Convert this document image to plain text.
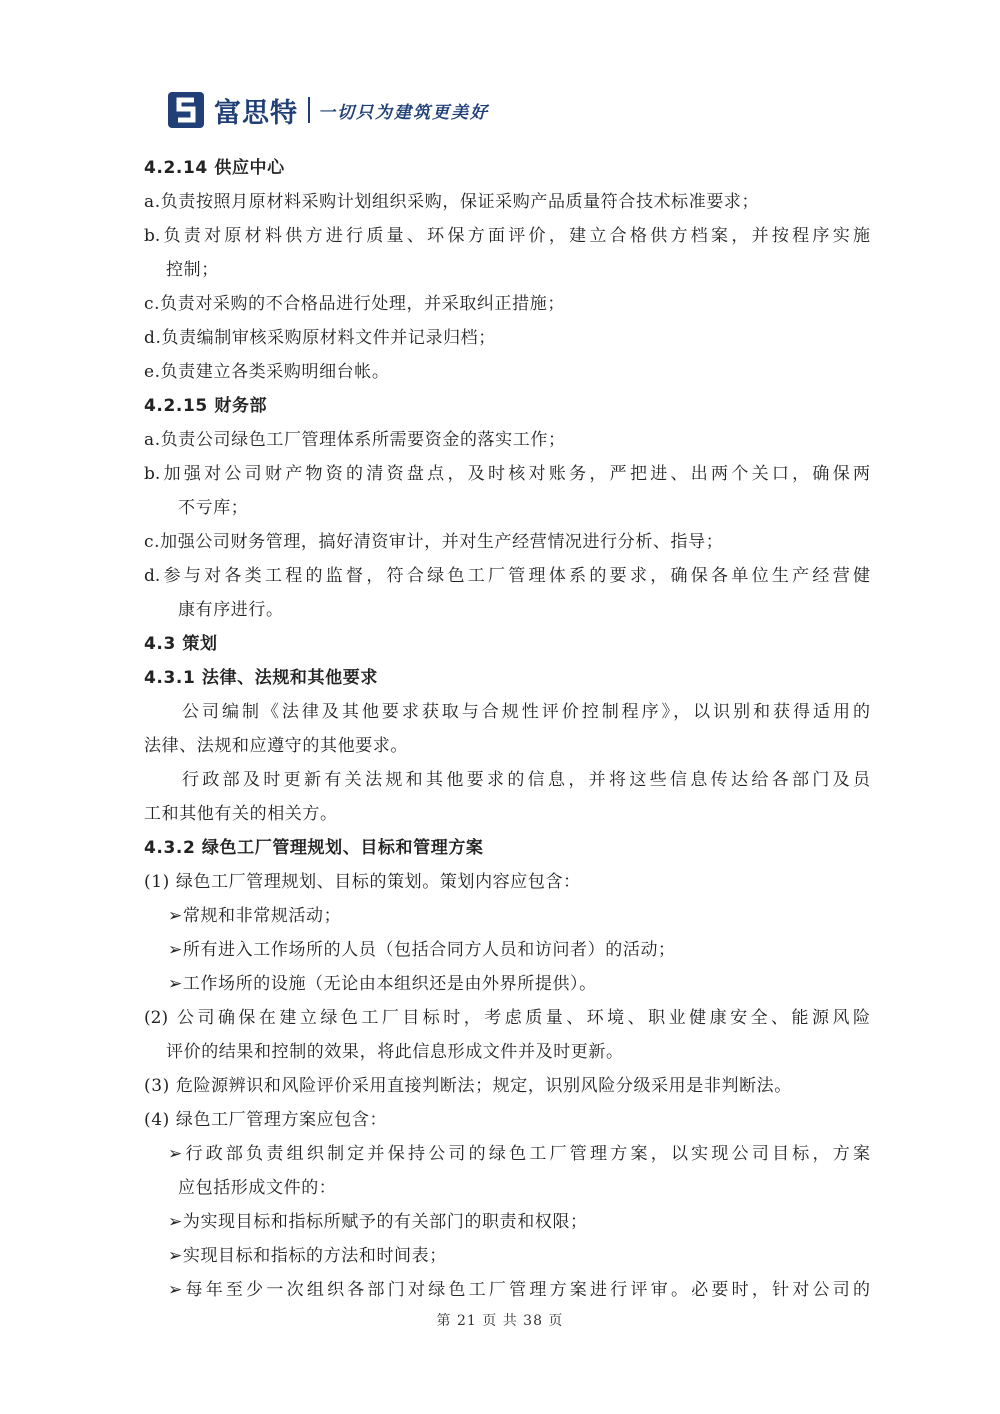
富思特 一切只为建筑更美好
4.2.14 供应中心
a.负责按照月原材料采购计划组织采购，保证采购产品质量符合技术标准要求；
b.负责对原材料供方进行质量、环保方面评价，建立合格供方档案，并按程序实施
控制；
c.负责对采购的不合格品进行处理，并采取纠正措施；
d.负责编制审核采购原材料文件并记录归档；
e.负责建立各类采购明细台帐。
4.2.15 财务部
a.负责公司绿色工厂管理体系所需要资金的落实工作；
b.加强对公司财产物资的清资盘点，及时核对账务，严把进、出两个关口，确保两
不亏库；
c.加强公司财务管理，搞好清资审计，并对生产经营情况进行分析、指导；
d.参与对各类工程的监督，符合绿色工厂管理体系的要求，确保各单位生产经营健
康有序进行。
4.3 策划
4.3.1 法律、法规和其他要求
公司编制《法律及其他要求获取与合规性评价控制程序》，以识别和获得适用的
法律、法规和应遵守的其他要求。
行政部及时更新有关法规和其他要求的信息，并将这些信息传达给各部门及员
工和其他有关的相关方。
4.3.2 绿色工厂管理规划、目标和管理方案
(1) 绿色工厂管理规划、目标的策划。策划内容应包含：
➢常规和非常规活动；
➢所有进入工作场所的人员（包括合同方人员和访问者）的活动；
➢工作场所的设施（无论由本组织还是由外界所提供）。
(2) 公司确保在建立绿色工厂目标时，考虑质量、环境、职业健康安全、能源风险
评价的结果和控制的效果，将此信息形成文件并及时更新。
(3) 危险源辨识和风险评价采用直接判断法；规定，识别风险分级采用是非判断法。
(4) 绿色工厂管理方案应包含：
➢行政部负责组织制定并保持公司的绿色工厂管理方案，以实现公司目标，方案
应包括形成文件的：
➢为实现目标和指标所赋予的有关部门的职责和权限；
➢实现目标和指标的方法和时间表；
➢每年至少一次组织各部门对绿色工厂管理方案进行评审。必要时，针对公司的
第 21 页 共 38 页
